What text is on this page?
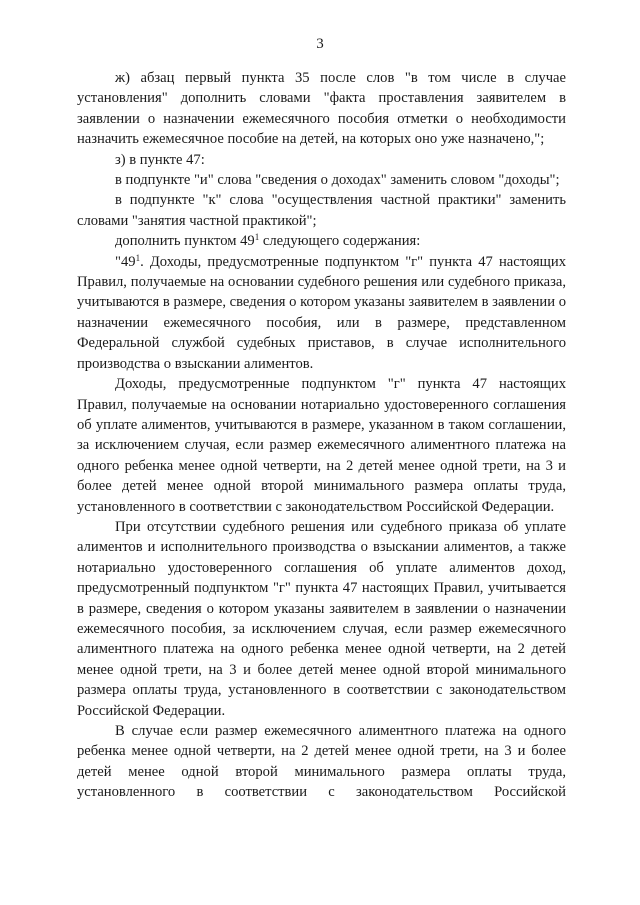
3

ж) абзац первый пункта 35 после слов "в том числе в случае установления" дополнить словами "факта проставления заявителем в заявлении о назначении ежемесячного пособия отметки о необходимости назначить ежемесячное пособие на детей, на которых оно уже назначено,";

з) в пункте 47:

в подпункте "и" слова "сведения о доходах" заменить словом "доходы";

в подпункте "к" слова "осуществления частной практики" заменить словами "занятия частной практикой";

дополнить пунктом $49^1$ следующего содержания:

"$49^1$. Доходы, предусмотренные подпунктом "г" пункта 47 настоящих Правил, получаемые на основании судебного решения или судебного приказа, учитываются в размере, сведения о котором указаны заявителем в заявлении о назначении ежемесячного пособия, или в размере, представленном Федеральной службой судебных приставов, в случае исполнительного производства о взыскании алиментов.

Доходы, предусмотренные подпунктом "г" пункта 47 настоящих Правил, получаемые на основании нотариально удостоверенного соглашения об уплате алиментов, учитываются в размере, указанном в таком соглашении, за исключением случая, если размер ежемесячного алиментного платежа на одного ребенка менее одной четверти, на 2 детей менее одной трети, на 3 и более детей менее одной второй минимального размера оплаты труда, установленного в соответствии с законодательством Российской Федерации.

При отсутствии судебного решения или судебного приказа об уплате алиментов и исполнительного производства о взыскании алиментов, а также нотариально удостоверенного соглашения об уплате алиментов доход, предусмотренный подпунктом "г" пункта 47 настоящих Правил, учитывается в размере, сведения о котором указаны заявителем в заявлении о назначении ежемесячного пособия, за исключением случая, если размер ежемесячного алиментного платежа на одного ребенка менее одной четверти, на 2 детей менее одной трети, на 3 и более детей менее одной второй минимального размера оплаты труда, установленного в соответствии с законодательством Российской Федерации.

В случае если размер ежемесячного алиментного платежа на одного ребенка менее одной четверти, на 2 детей менее одной трети, на 3 и более детей менее одной второй минимального размера оплаты труда, установленного в соответствии с законодательством Российской
